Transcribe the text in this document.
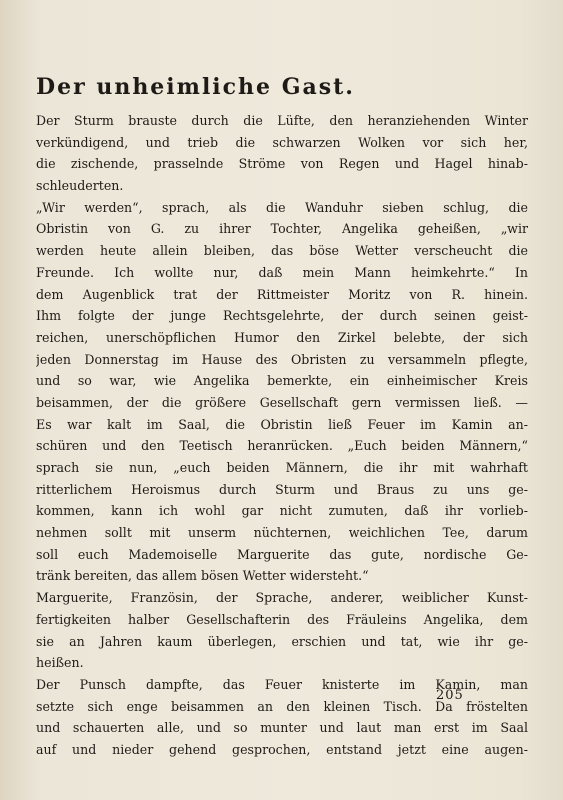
Der unheimliche Gast.
Der Sturm brauste durch die Lüfte, den heranziehenden Winter
verkündigend, und trieb die schwarzen Wolken vor sich her,
die zischende, prasselnde Ströme von Regen und Hagel hinab-
schleuderten.
„Wir werden“, sprach, als die Wanduhr sieben schlug, die
Obristin von G. zu ihrer Tochter, Angelika geheißen, „wir
werden heute allein bleiben, das böse Wetter verscheucht die
Freunde. Ich wollte nur, daß mein Mann heimkehrte.“ In
dem Augenblick trat der Rittmeister Moritz von R. hinein.
Ihm folgte der junge Rechtsgelehrte, der durch seinen geist-
reichen, unerschöpflichen Humor den Zirkel belebte, der sich
jeden Donnerstag im Hause des Obristen zu versammeln pflegte,
und so war, wie Angelika bemerkte, ein einheimischer Kreis
beisammen, der die größere Gesellschaft gern vermissen ließ. —
Es war kalt im Saal, die Obristin ließ Feuer im Kamin an-
schüren und den Teetisch heranrücken. „Euch beiden Männern,“
sprach sie nun, „euch beiden Männern, die ihr mit wahrhaft
ritterlichem Heroismus durch Sturm und Braus zu uns ge-
kommen, kann ich wohl gar nicht zumuten, daß ihr vorlieb-
nehmen sollt mit unserm nüchternen, weichlichen Tee, darum
soll euch Mademoiselle Marguerite das gute, nordische Ge-
tränk bereiten, das allem bösen Wetter widersteht.“
Marguerite, Französin, der Sprache, anderer, weiblicher Kunst-
fertigkeiten halber Gesellschafterin des Fräuleins Angelika, dem
sie an Jahren kaum überlegen, erschien und tat, wie ihr ge-
heißen.
Der Punsch dampfte, das Feuer knisterte im Kamin, man
setzte sich enge beisammen an den kleinen Tisch. Da fröstelten
und schauerten alle, und so munter und laut man erst im Saal
auf und nieder gehend gesprochen, entstand jetzt eine augen-
205
